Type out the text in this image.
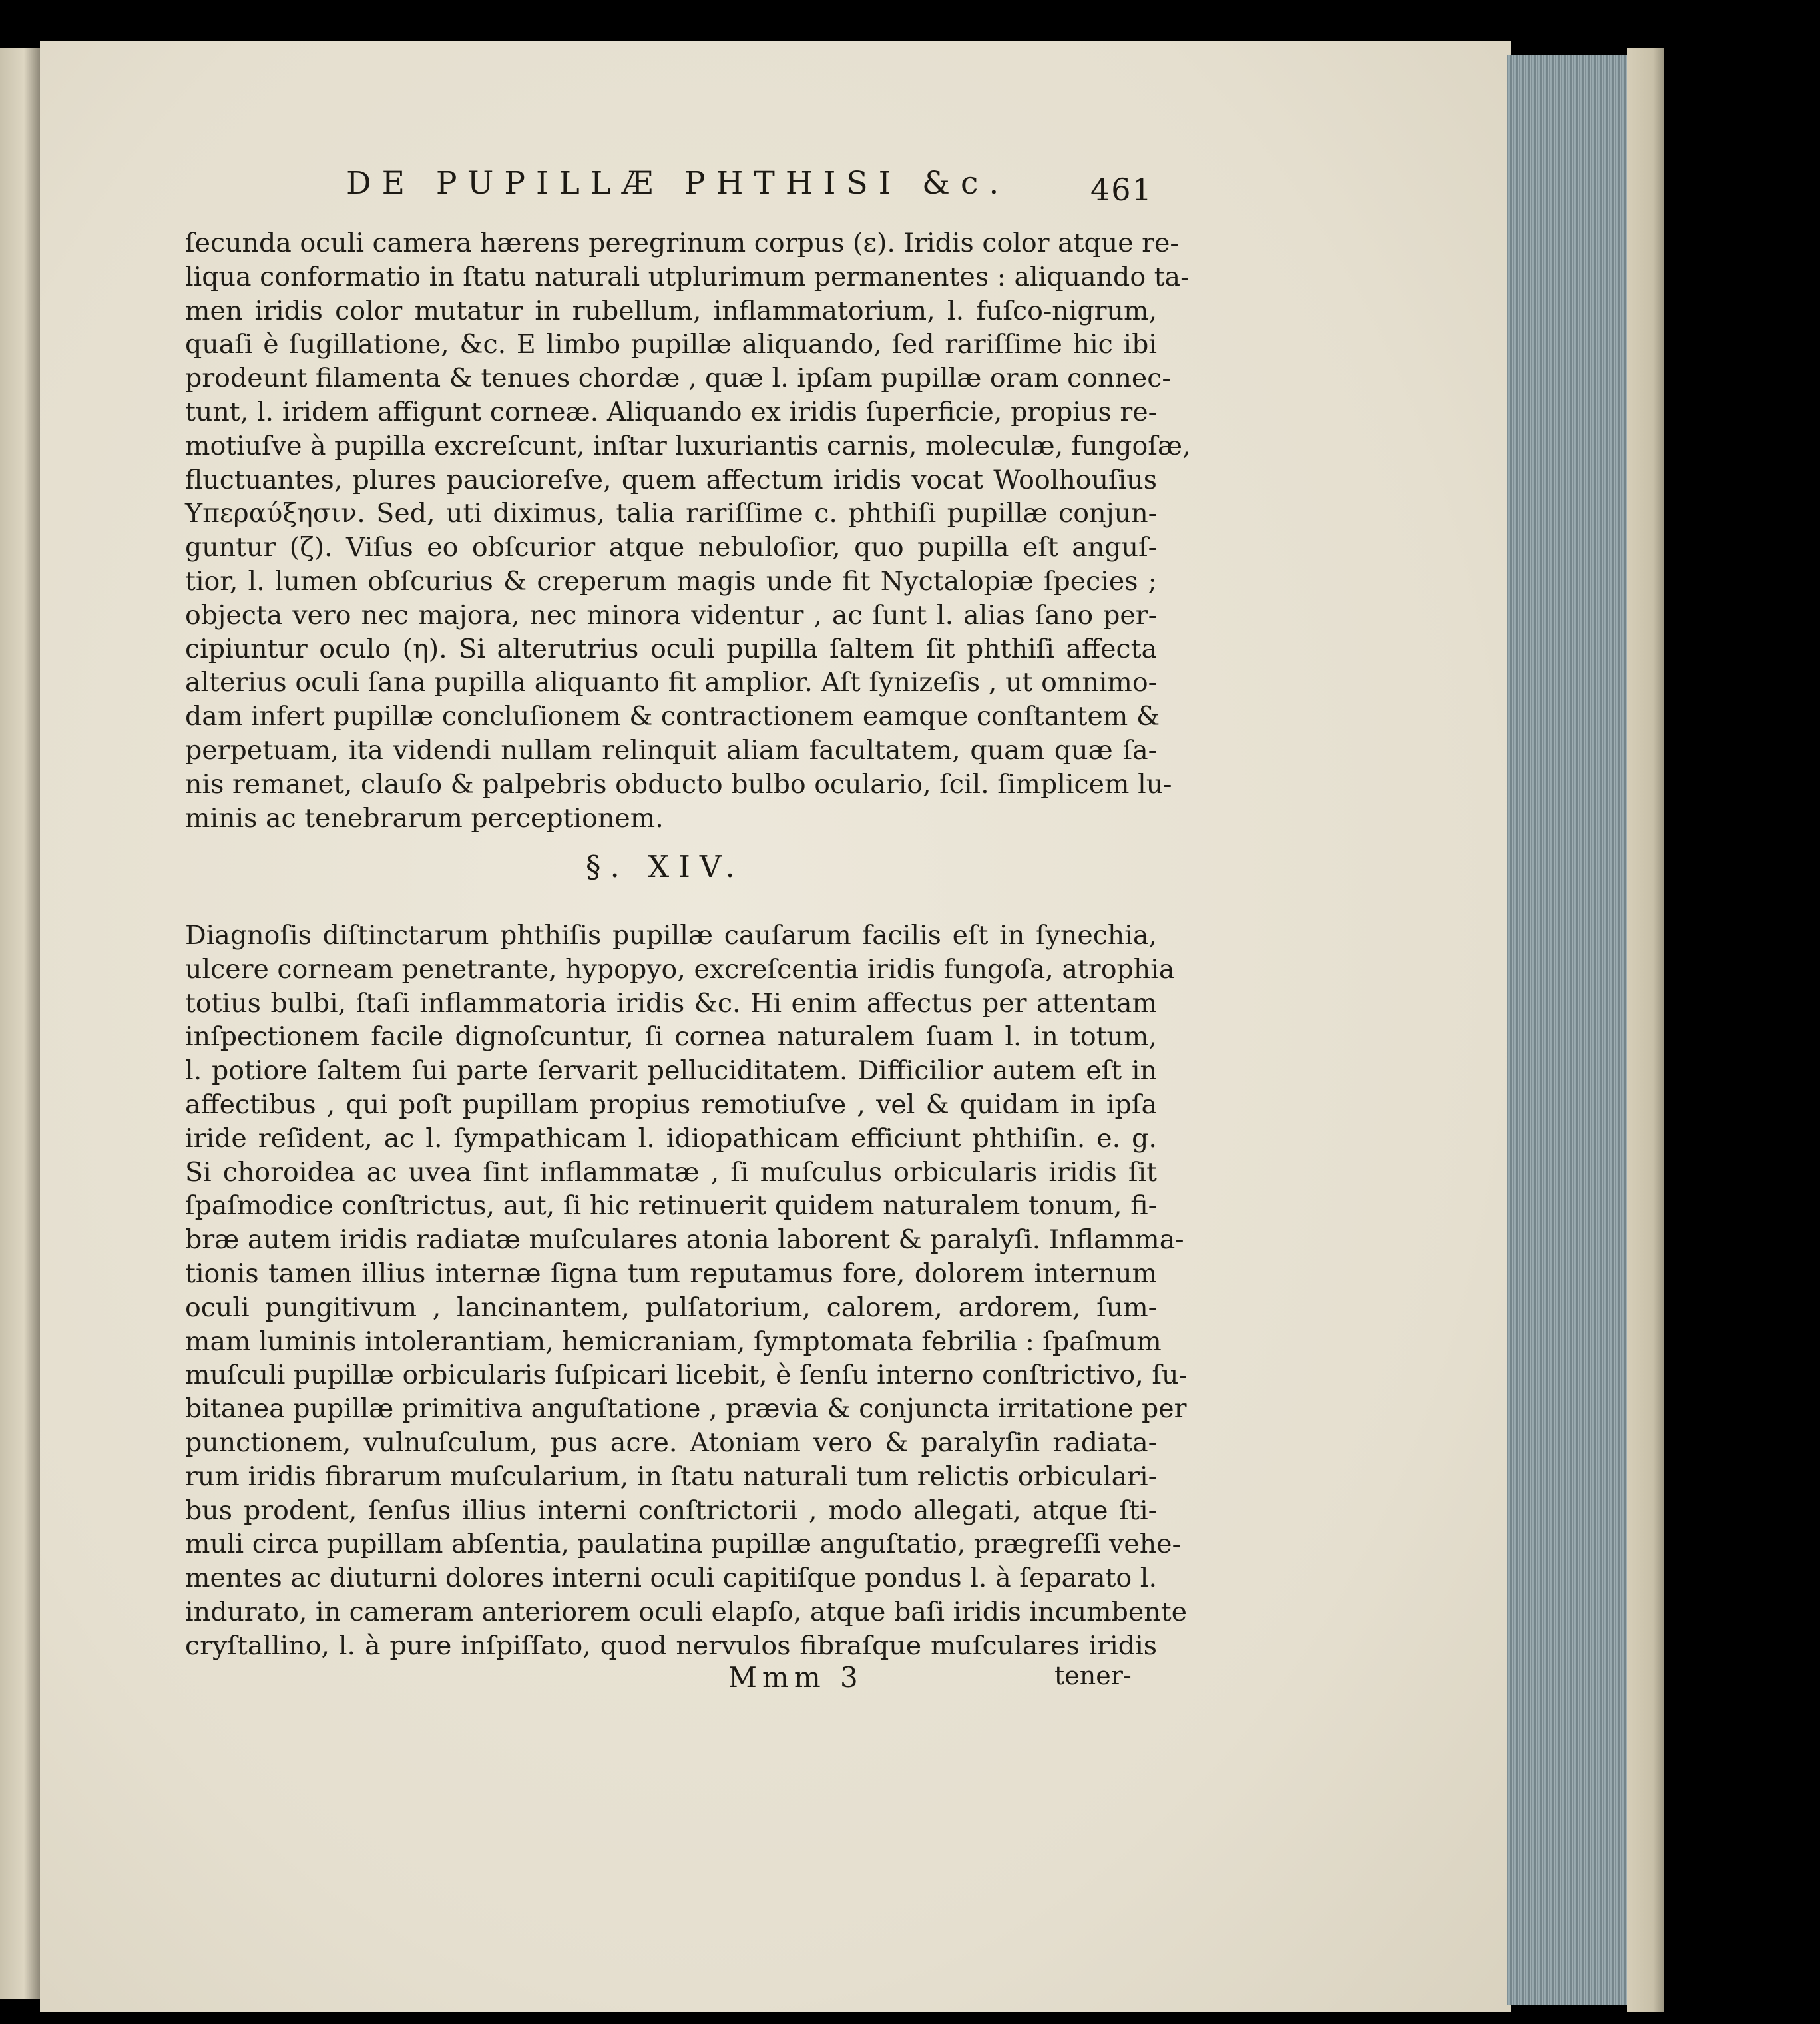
DE PUPILLÆ PHTHISI &c.	461
ſecunda oculi camera hærens peregrinum corpus (ε). Iridis color atque re-
liqua conformatio in ſtatu naturali utplurimum permanentes : aliquando ta-
men iridis color mutatur in rubellum, inflammatorium, l. fuſco-nigrum,
quaſi è ſugillatione, &c. E limbo pupillæ aliquando, ſed rariſſime hic ibi
prodeunt filamenta & tenues chordæ , quæ l. ipſam pupillæ oram connec-
tunt, l. iridem affigunt corneæ. Aliquando ex iridis ſuperficie, propius re-
motiuſve à pupilla excreſcunt, inſtar luxuriantis carnis, moleculæ, fungoſæ,
fluctuantes, plures paucioreſve, quem affectum iridis vocat Woolhouſius
Υπεραύξησιν. Sed, uti diximus, talia rariſſime c. phthiſi pupillæ conjun-
guntur (ζ). Viſus eo obſcurior atque nebuloſior, quo pupilla eſt anguſ-
tior, l. lumen obſcurius & creperum magis unde fit Nyctalopiæ ſpecies ;
objecta vero nec majora, nec minora videntur , ac ſunt l. alias ſano per-
cipiuntur oculo (η). Si alterutrius oculi pupilla ſaltem ſit phthiſi affecta
alterius oculi ſana pupilla aliquanto fit amplior. Aſt ſynizeſis , ut omnimo-
dam infert pupillæ concluſionem & contractionem eamque conſtantem &
perpetuam, ita videndi nullam relinquit aliam facultatem, quam quæ ſa-
nis remanet, clauſo & palpebris obducto bulbo oculario, ſcil. ſimplicem lu-
minis ac tenebrarum perceptionem.
§. XIV.
Diagnoſis diſtinctarum phthiſis pupillæ cauſarum facilis eſt in ſynechia,
ulcere corneam penetrante, hypopyo, excreſcentia iridis fungoſa, atrophia
totius bulbi, ſtaſi inflammatoria iridis &c. Hi enim affectus per attentam
inſpectionem facile dignoſcuntur, ſi cornea naturalem ſuam l. in totum,
l. potiore ſaltem ſui parte ſervarit pelluciditatem. Difficilior autem eſt in
affectibus , qui poſt pupillam propius remotiuſve , vel & quidam in ipſa
iride reſident, ac l. ſympathicam l. idiopathicam efficiunt phthiſin. e. g.
Si choroidea ac uvea ſint inflammatæ , ſi muſculus orbicularis iridis ſit
ſpaſmodice conſtrictus, aut, ſi hic retinuerit quidem naturalem tonum, fi-
bræ autem iridis radiatæ muſculares atonia laborent & paralyſi. Inflamma-
tionis tamen illius internæ ſigna tum reputamus fore, dolorem internum
oculi pungitivum , lancinantem, pulſatorium, calorem, ardorem, ſum-
mam luminis intolerantiam, hemicraniam, ſymptomata febrilia : ſpaſmum
muſculi pupillæ orbicularis ſuſpicari licebit, è ſenſu interno conſtrictivo, ſu-
bitanea pupillæ primitiva anguſtatione , prævia & conjuncta irritatione per
punctionem, vulnuſculum, pus acre. Atoniam vero & paralyſin radiata-
rum iridis fibrarum muſcularium, in ſtatu naturali tum relictis orbiculari-
bus prodent, ſenſus illius interni conſtrictorii , modo allegati, atque ſti-
muli circa pupillam abſentia, paulatina pupillæ anguſtatio, prægreſſi vehe-
mentes ac diuturni dolores interni oculi capitiſque pondus l. à ſeparato l.
indurato, in cameram anteriorem oculi elapſo, atque baſi iridis incumbente
cryſtallino, l. à pure inſpiſſato, quod nervulos fibraſque muſculares iridis
Mmm 3	tener-
